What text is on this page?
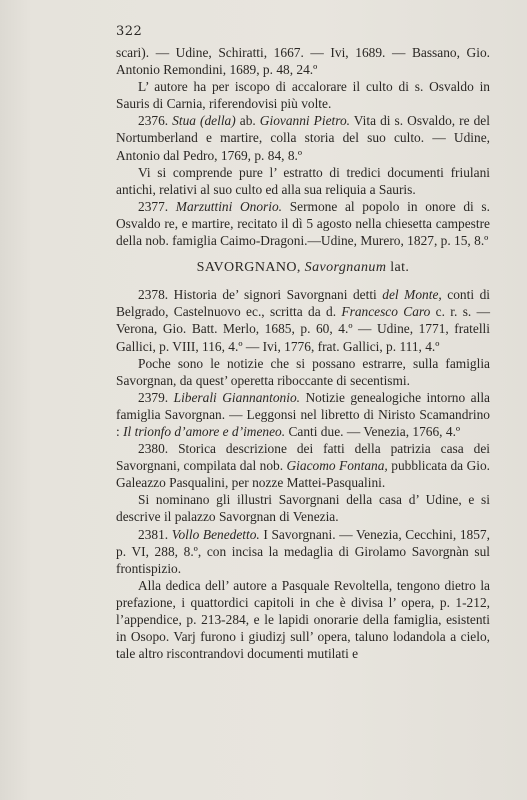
322
scari). — Udine, Schiratti, 1667. — Ivi, 1689. — Bassano, Gio. Antonio Remondini, 1689, p. 48, 24.º
L’ autore ha per iscopo di accalorare il culto di s. Osvaldo in Sauris di Carnia, riferendovisi più volte.
2376. Stua (della) ab. Giovanni Pietro. Vita di s. Osvaldo, re del Nortumberland e martire, colla storia del suo culto. — Udine, Antonio dal Pedro, 1769, p. 84, 8.º
Vi si comprende pure l’ estratto di tredici documenti friulani antichi, relativi al suo culto ed alla sua reliquia a Sauris.
2377. Marzuttini Onorio. Sermone al popolo in onore di s. Osvaldo re, e martire, recitato il dì 5 agosto nella chiesetta campestre della nob. famiglia Caimo-Dragoni.—Udine, Murero, 1827, p. 15, 8.º
SAVORGNANO, Savorgnanum lat.
2378. Historia de’ signori Savorgnani detti del Monte, conti di Belgrado, Castelnuovo ec., scritta da d. Francesco Caro c. r. s. — Verona, Gio. Batt. Merlo, 1685, p. 60, 4.º — Udine, 1771, fratelli Gallici, p. VIII, 116, 4.º — Ivi, 1776, frat. Gallici, p. 111, 4.º
Poche sono le notizie che si possano estrarre, sulla famiglia Savorgnan, da quest’ operetta riboccante di secentismi.
2379. Liberali Giannantonio. Notizie genealogiche intorno alla famiglia Savorgnan. — Leggonsi nel libretto di Niristo Scamandrino : Il trionfo d’amore e d’imeneo. Canti due. — Venezia, 1766, 4.º
2380. Storica descrizione dei fatti della patrizia casa dei Savorgnani, compilata dal nob. Giacomo Fontana, pubblicata da Gio. Galeazzo Pasqualini, per nozze Mattei-Pasqualini.
Si nominano gli illustri Savorgnani della casa d’ Udine, e si descrive il palazzo Savorgnan di Venezia.
2381. Vollo Benedetto. I Savorgnani. — Venezia, Cecchini, 1857, p. VI, 288, 8.º, con incisa la medaglia di Girolamo Savorgnàn sul frontispizio.
Alla dedica dell’ autore a Pasquale Revoltella, tengono dietro la prefazione, i quattordici capitoli in che è divisa l’ opera, p. 1-212, l’appendice, p. 213-284, e le lapidi onorarie della famiglia, esistenti in Osopo. Varj furono i giudizj sull’ opera, taluno lodandola a cielo, tale altro riscontrandovi documenti mutilati e
